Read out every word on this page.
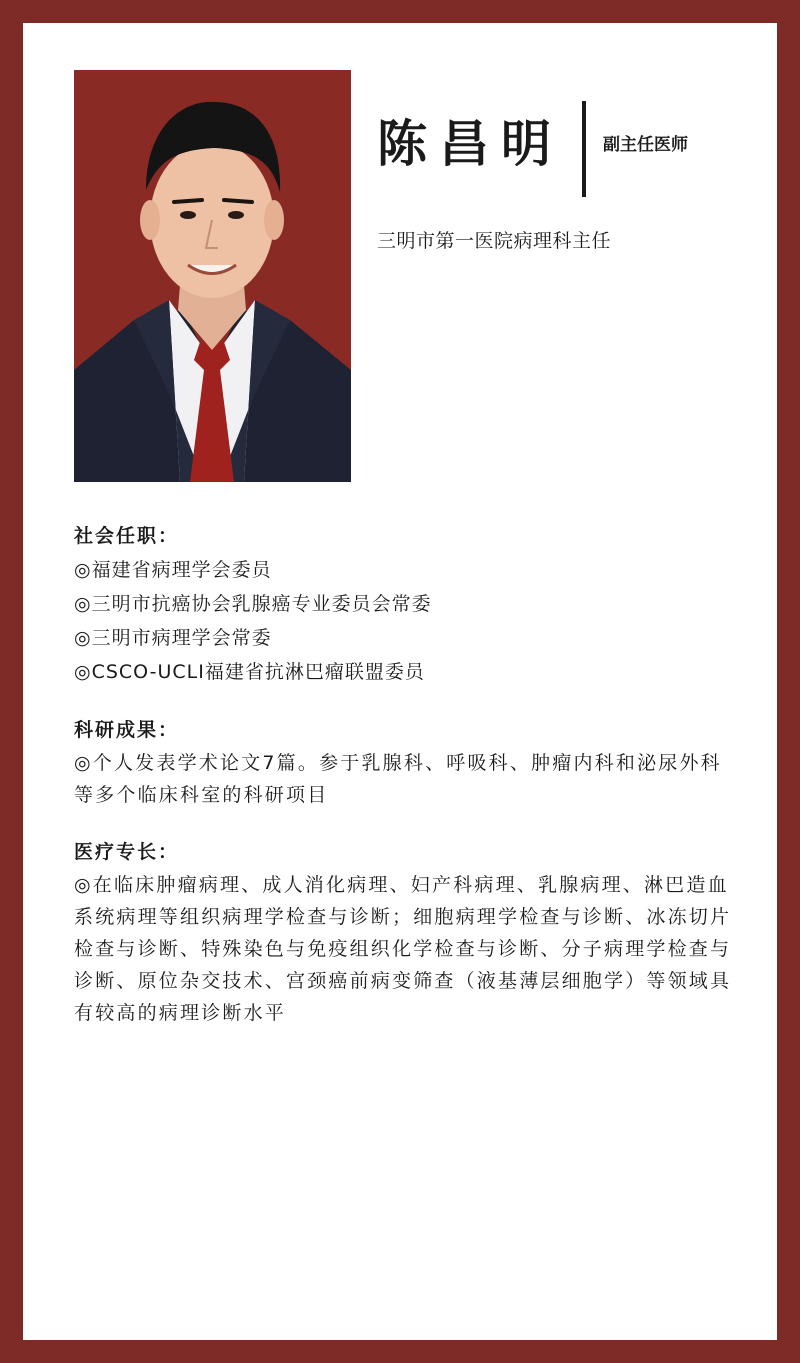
陈昌明 副主任医师
三明市第一医院病理科主任
社会任职：
◎福建省病理学会委员
◎三明市抗癌协会乳腺癌专业委员会常委
◎三明市病理学会常委
◎CSCO-UCLI福建省抗淋巴瘤联盟委员
科研成果：

◎个人发表学术论文7篇。参于乳腺科、呼吸科、肿瘤内科和泌尿外科等多个临床科室的科研项目

医疗专长：

◎在临床肿瘤病理、成人消化病理、妇产科病理、乳腺病理、淋巴造血系统病理等组织病理学检查与诊断；细胞病理学检查与诊断、冰冻切片检查与诊断、特殊染色与免疫组织化学检查与诊断、分子病理学检查与诊断、原位杂交技术、宫颈癌前病变筛查（液基薄层细胞学）等领域具有较高的病理诊断水平
